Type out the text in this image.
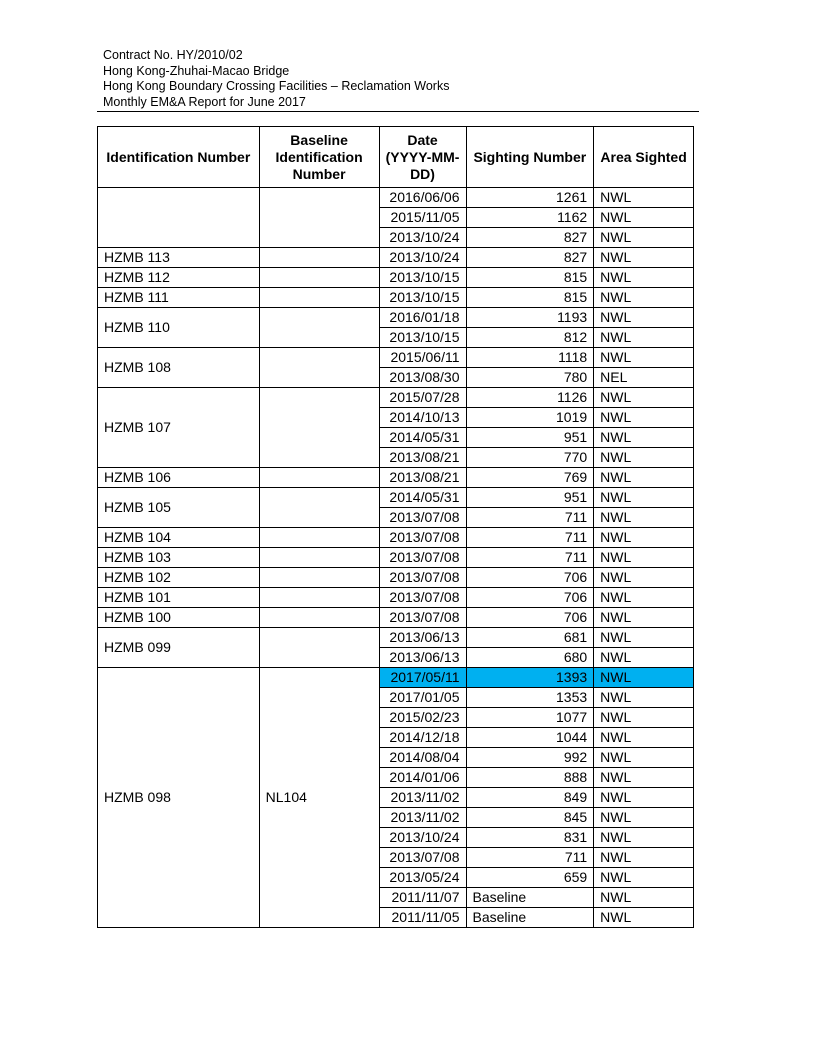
Contract No. HY/2010/02
Hong Kong-Zhuhai-Macao Bridge
Hong Kong Boundary Crossing Facilities – Reclamation Works
Monthly EM&A Report for June 2017
Identification Number	Baseline Identification Number	Date (YYYY-MM-DD)	Sighting Number	Area Sighted
		2016/06/06	1261	NWL
		2015/11/05	1162	NWL
		2013/10/24	827	NWL
HZMB 113		2013/10/24	827	NWL
HZMB 112		2013/10/15	815	NWL
HZMB 111		2013/10/15	815	NWL
HZMB 110		2016/01/18	1193	NWL
		2013/10/15	812	NWL
HZMB 108		2015/06/11	1118	NWL
		2013/08/30	780	NEL
HZMB 107		2015/07/28	1126	NWL
		2014/10/13	1019	NWL
		2014/05/31	951	NWL
		2013/08/21	770	NWL
HZMB 106		2013/08/21	769	NWL
HZMB 105		2014/05/31	951	NWL
		2013/07/08	711	NWL
HZMB 104		2013/07/08	711	NWL
HZMB 103		2013/07/08	711	NWL
HZMB 102		2013/07/08	706	NWL
HZMB 101		2013/07/08	706	NWL
HZMB 100		2013/07/08	706	NWL
HZMB 099		2013/06/13	681	NWL
		2013/06/13	680	NWL
HZMB 098	NL104	2017/05/11	1393	NWL
		2017/01/05	1353	NWL
		2015/02/23	1077	NWL
		2014/12/18	1044	NWL
		2014/08/04	992	NWL
		2014/01/06	888	NWL
		2013/11/02	849	NWL
		2013/11/02	845	NWL
		2013/10/24	831	NWL
		2013/07/08	711	NWL
		2013/05/24	659	NWL
		2011/11/07	Baseline	NWL
		2011/11/05	Baseline	NWL
